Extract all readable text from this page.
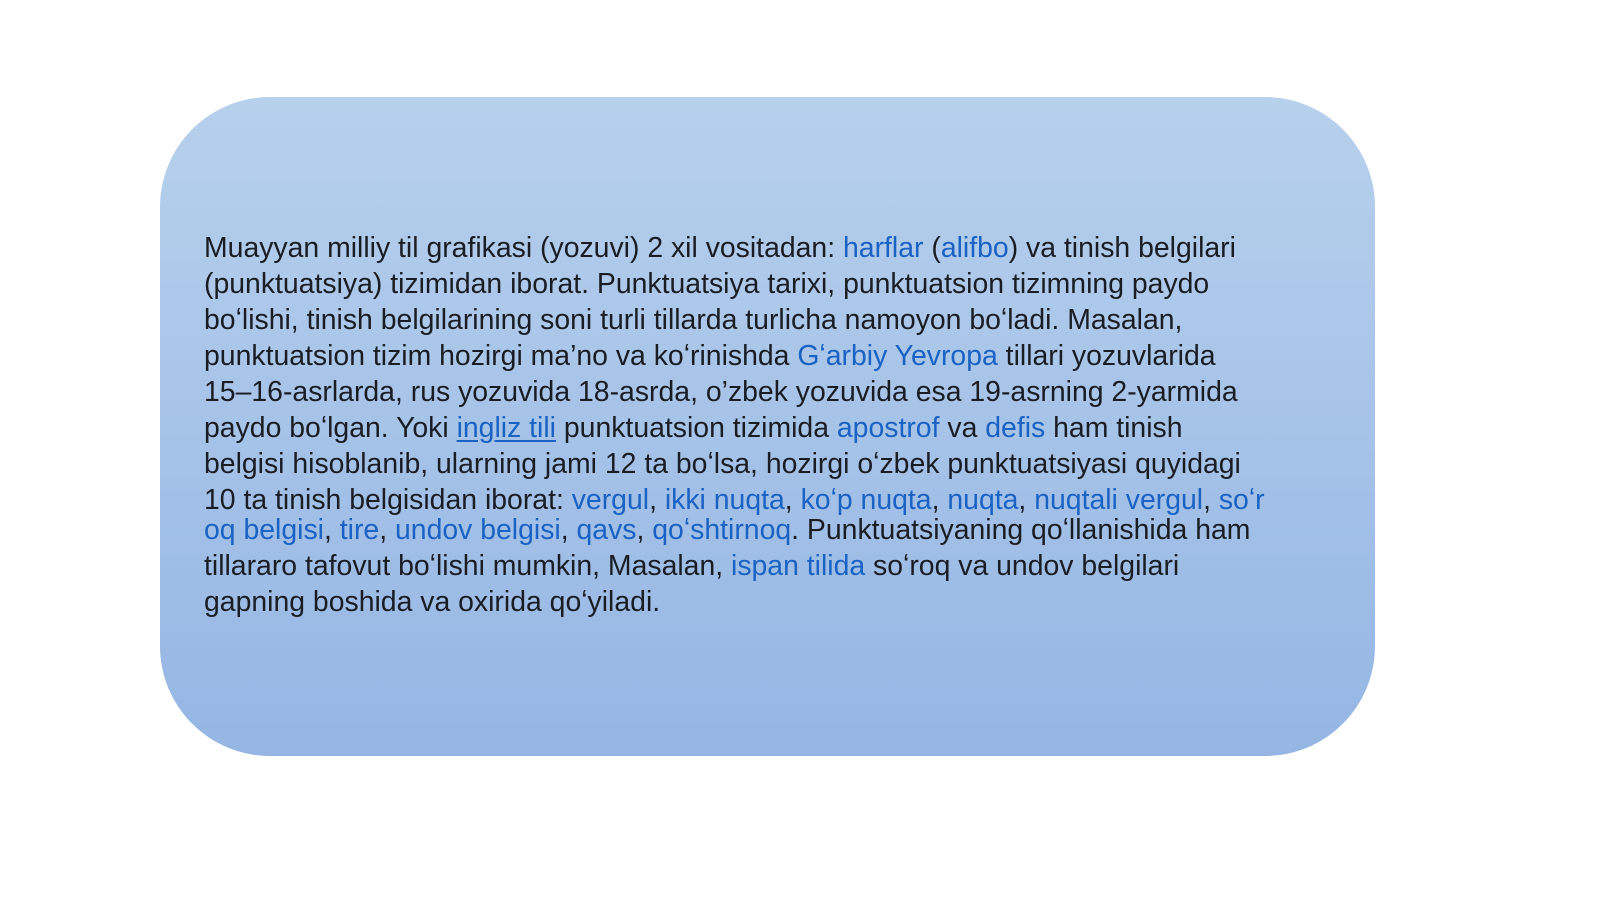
Muayyan milliy til grafikasi (yozuvi) 2 xil vositadan: harflar (alifbo) va tinish belgilari
(punktuatsiya) tizimidan iborat. Punktuatsiya tarixi, punktuatsion tizimning paydo
boʻlishi, tinish belgilarining soni turli tillarda turlicha namoyon boʻladi. Masalan,
punktuatsion tizim hozirgi ma’no va koʻrinishda Gʻarbiy Yevropa tillari yozuvlarida
15–16-asrlarda, rus yozuvida 18-asrda, o’zbek yozuvida esa 19-asrning 2-yarmida
paydo boʻlgan. Yoki ingliz tili punktuatsion tizimida apostrof va defis ham tinish
belgisi hisoblanib, ularning jami 12 ta boʻlsa, hozirgi oʻzbek punktuatsiyasi quyidagi
10 ta tinish belgisidan iborat: vergul, ikki nuqta, koʻp nuqta, nuqta, nuqtali vergul, soʻr
oq belgisi, tire, undov belgisi, qavs, qoʻshtirnoq. Punktuatsiyaning qoʻllanishida ham
tillararo tafovut boʻlishi mumkin, Masalan, ispan tilida soʻroq va undov belgilari
gapning boshida va oxirida qoʻyiladi.
